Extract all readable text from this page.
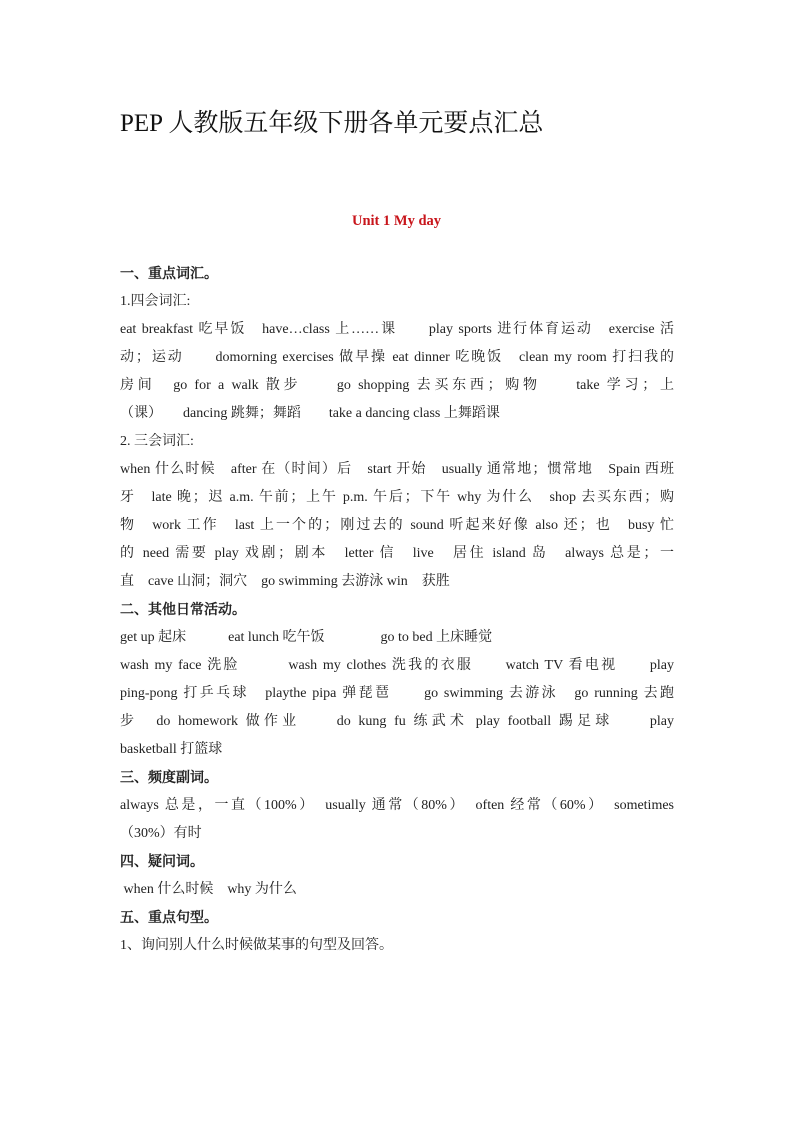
PEP 人教版五年级下册各单元要点汇总
Unit 1 My day
一、重点词汇。
1.四会词汇:
eat breakfast 吃早饭　have…class 上……课　　play sports 进行体育运动　exercise 活
动；运动　　domorning exercises 做早操 eat dinner 吃晚饭　clean my room 打扫我的
房间　go for a walk 散步　　go shopping 去买东西；购物　　take 学习；上
（课）　　dancing 跳舞；舞蹈　　take a dancing class 上舞蹈课
2. 三会词汇:
when 什么时候　after 在（时间）后　start 开始　usually 通常地；惯常地　Spain 西班
牙　late 晚；迟 a.m. 午前；上午 p.m. 午后；下午 why 为什么　shop 去买东西；购
物　work 工作　last 上一个的；刚过去的 sound 听起来好像 also 还；也　busy 忙
的 need 需要 play 戏剧；剧本　letter 信　live　居住 island 岛　always 总是；一
直　cave 山洞；洞穴　go swimming 去游泳 win　获胜
二、其他日常活动。
get up 起床　　　eat lunch 吃午饭　　　　go to bed 上床睡觉
wash my face 洗脸　　　wash my clothes 洗我的衣服　　watch TV 看电视　　play
ping-pong 打乒乓球　playthe pipa 弹琵琶　　go swimming 去游泳　go running 去跑
步　do homework 做作业　　do kung fu 练武术 play football 踢足球　　play
basketball 打篮球
三、频度副词。
always 总是，一直（100%）　usually 通常（80%）　often 经常（60%）　sometimes
（30%）有时
四、疑问词。
when 什么时候　why 为什么
五、重点句型。
1、询问别人什么时候做某事的句型及回答。
